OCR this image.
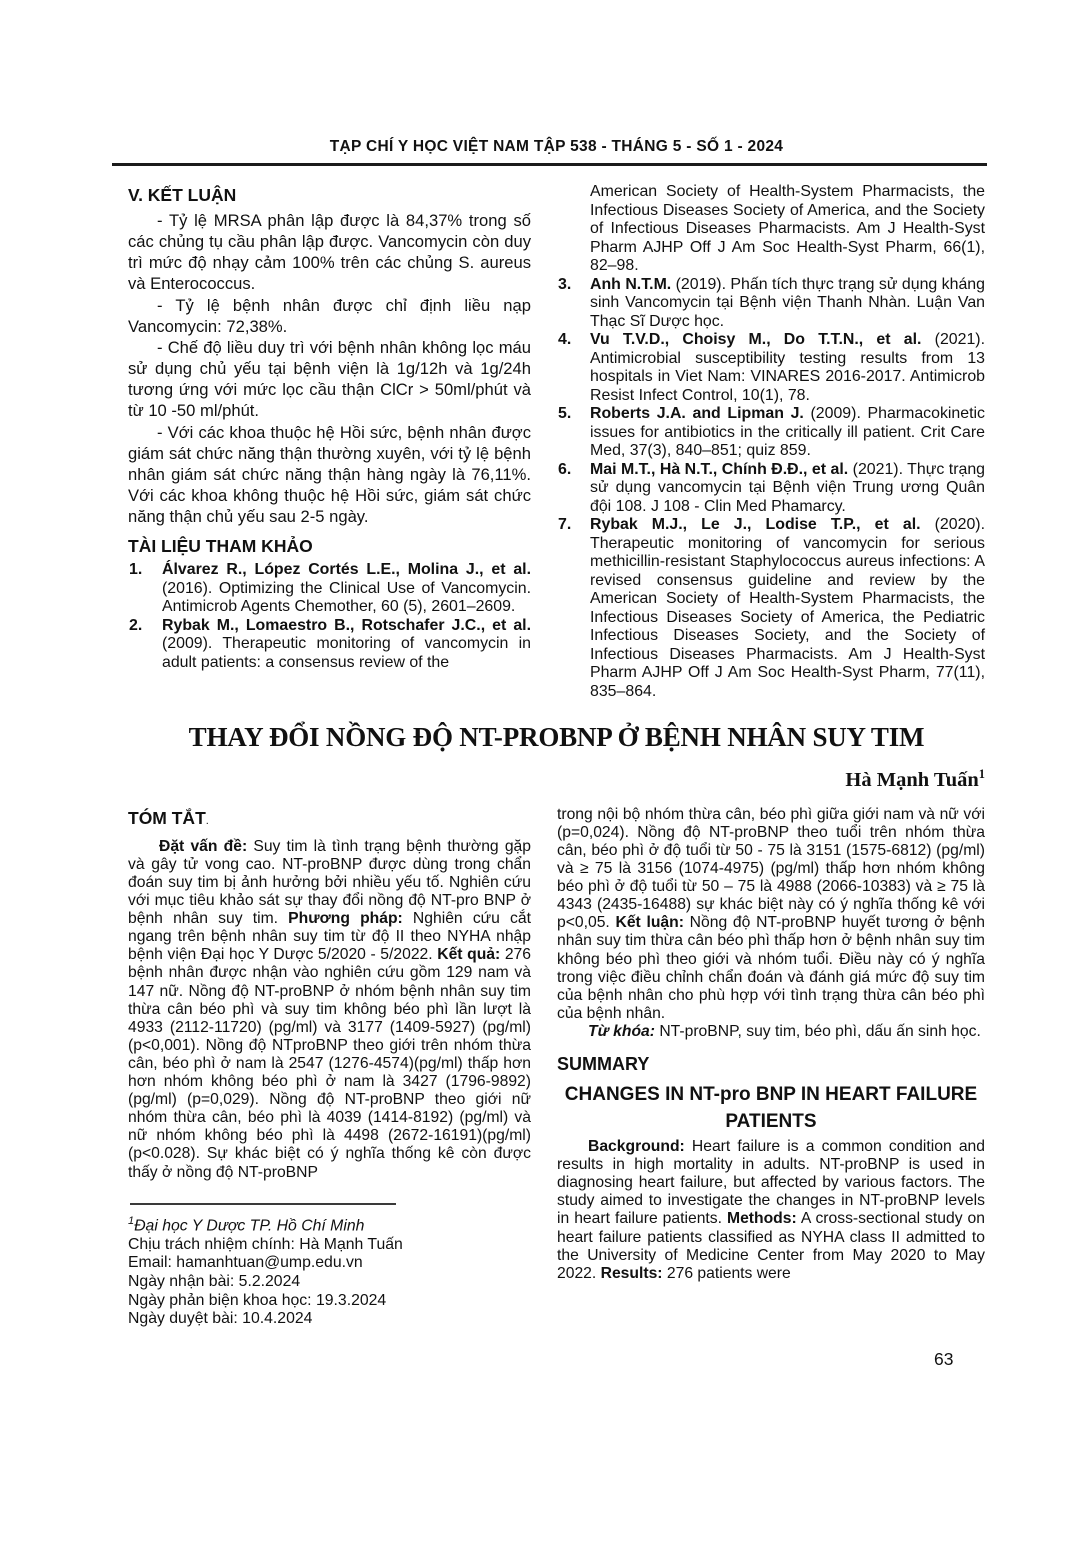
TẠP CHÍ Y HỌC VIỆT NAM TẬP 538 - THÁNG 5 - SỐ 1 - 2024
V. KẾT LUẬN

- Tỷ lệ MRSA phân lập được là 84,37% trong số các chủng tụ cầu phân lập được. Vancomycin còn duy trì mức độ nhạy cảm 100% trên các chủng S. aureus và Enterococcus.

- Tỷ lệ bệnh nhân được chỉ định liều nạp Vancomycin: 72,38%.

- Chế độ liều duy trì với bệnh nhân không lọc máu sử dụng chủ yếu tại bệnh viện là 1g/12h và 1g/24h tương ứng với mức lọc cầu thận ClCr > 50ml/phút và từ 10 -50 ml/phút.

- Với các khoa thuộc hệ Hồi sức, bệnh nhân được giám sát chức năng thận thường xuyên, với tỷ lệ bệnh nhân giám sát chức năng thận hàng ngày là 76,11%. Với các khoa không thuộc hệ Hồi sức, giám sát chức năng thận chủ yếu sau 2-5 ngày.

TÀI LIỆU THAM KHẢO
1. Álvarez R., López Cortés L.E., Molina J., et al. (2016). Optimizing the Clinical Use of Vancomycin. Antimicrob Agents Chemother, 60 (5), 2601–2609.
2. Rybak M., Lomaestro B., Rotschafer J.C., et al. (2009). Therapeutic monitoring of vancomycin in adult patients: a consensus review of the
American Society of Health-System Pharmacists, the Infectious Diseases Society of America, and the Society of Infectious Diseases Pharmacists. Am J Health-Syst Pharm AJHP Off J Am Soc Health-Syst Pharm, 66(1), 82–98.
3. Anh N.T.M. (2019). Phấn tích thực trạng sử dụng kháng sinh Vancomycin tại Bệnh viện Thanh Nhàn. Luận Van Thạc Sĩ Dược học.
4. Vu T.V.D., Choisy M., Do T.T.N., et al. (2021). Antimicrobial susceptibility testing results from 13 hospitals in Viet Nam: VINARES 2016-2017. Antimicrob Resist Infect Control, 10(1), 78.
5. Roberts J.A. and Lipman J. (2009). Pharmacokinetic issues for antibiotics in the critically ill patient. Crit Care Med, 37(3), 840–851; quiz 859.
6. Mai M.T., Hà N.T., Chính Đ.Đ., et al. (2021). Thực trạng sử dụng vancomycin tại Bệnh viện Trung ương Quân đội 108. J 108 - Clin Med Phamarcy.
7. Rybak M.J., Le J., Lodise T.P., et al. (2020). Therapeutic monitoring of vancomycin for serious methicillin-resistant Staphylococcus aureus infections: A revised consensus guideline and review by the American Society of Health-System Pharmacists, the Infectious Diseases Society of America, the Pediatric Infectious Diseases Society, and the Society of Infectious Diseases Pharmacists. Am J Health-Syst Pharm AJHP Off J Am Soc Health-Syst Pharm, 77(11), 835–864.
THAY ĐỔI NỒNG ĐỘ NT-PROBNP Ở BỆNH NHÂN SUY TIM
Hà Mạnh Tuấn$^1$
TÓM TẮT.

Đặt vấn đề: Suy tim là tình trạng bệnh thường gặp và gây tử vong cao. NT-proBNP được dùng trong chẩn đoán suy tim bị ảnh hưởng bởi nhiều yếu tố. Nghiên cứu với mục tiêu khảo sát sự thay đổi nồng độ NT-pro BNP ở bệnh nhân suy tim. Phương pháp: Nghiên cứu cắt ngang trên bệnh nhân suy tim từ độ II theo NYHA nhập bệnh viện Đại học Y Dược 5/2020 - 5/2022. Kết quả: 276 bệnh nhân được nhận vào nghiên cứu gồm 129 nam và 147 nữ. Nồng độ NT-proBNP ở nhóm bệnh nhân suy tim thừa cân béo phì và suy tim không béo phì lần lượt là 4933 (2112-11720) (pg/ml) và 3177 (1409-5927) (pg/ml) (p<0,001). Nồng độ NTproBNP theo giới trên nhóm thừa cân, béo phì ở nam là 2547 (1276-4574)(pg/ml) thấp hơn hơn nhóm không béo phì ở nam là 3427 (1796-9892) (pg/ml) (p=0,029). Nồng độ NT-proBNP theo giới nữ nhóm thừa cân, béo phì là 4039 (1414-8192) (pg/ml) và nữ nhóm không béo phì là 4498 (2672-16191)(pg/ml) (p<0.028). Sự khác biệt có ý nghĩa thống kê còn được thấy ở nồng độ NT-proBNP

$^1$Đại học Y Dược TP. Hồ Chí Minh
Chịu trách nhiệm chính: Hà Mạnh Tuấn
Email: hamanhtuan@ump.edu.vn
Ngày nhận bài: 5.2.2024
Ngày phản biện khoa học: 19.3.2024
Ngày duyệt bài: 10.4.2024

trong nội bộ nhóm thừa cân, béo phì giữa giới nam và nữ với (p=0,024). Nồng độ NT-proBNP theo tuổi trên nhóm thừa cân, béo phì ở độ tuổi từ 50 - 75 là 3151 (1575-6812) (pg/ml) và ≥ 75 là 3156 (1074-4975) (pg/ml) thấp hơn nhóm không béo phì ở độ tuổi từ 50 – 75 là 4988 (2066-10383) và ≥ 75 là 4343 (2435-16488) sự khác biệt này có ý nghĩa thống kê với p<0,05. Kết luận: Nồng độ NT-proBNP huyết tương ở bệnh nhân suy tim thừa cân béo phì thấp hơn ở bệnh nhân suy tim không béo phì theo giới và nhóm tuổi. Điều này có ý nghĩa trong việc điều chỉnh chẩn đoán và đánh giá mức độ suy tim của bệnh nhân cho phù hợp với tình trạng thừa cân béo phì của bệnh nhân.

Từ khóa: NT-proBNP, suy tim, béo phì, dấu ấn sinh học.

SUMMARY
CHANGES IN NT-pro BNP IN HEART FAILURE PATIENTS

Background: Heart failure is a common condition and results in high mortality in adults. NT-proBNP is used in diagnosing heart failure, but affected by various factors. The study aimed to investigate the changes in NT-proBNP levels in heart failure patients. Methods: A cross-sectional study on heart failure patients classified as NYHA class II admitted to the University of Medicine Center from May 2020 to May 2022. Results: 276 patients were

63
